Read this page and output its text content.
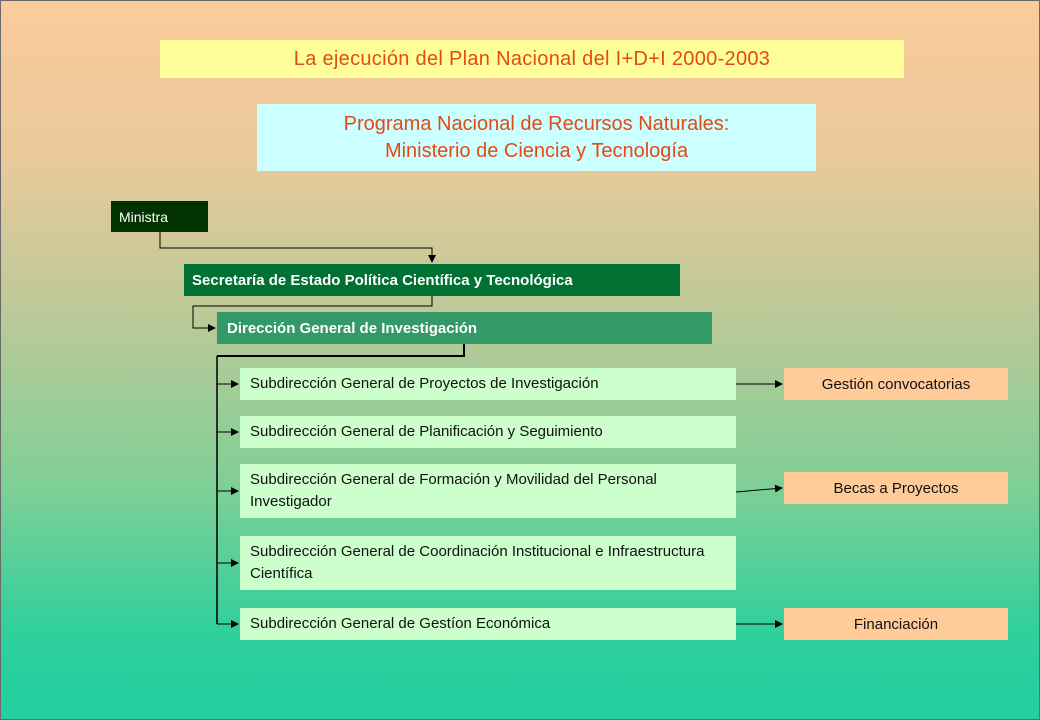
La ejecución del Plan Nacional del I+D+I 2000-2003
Programa Nacional de Recursos Naturales:
Ministerio de Ciencia y Tecnología
Ministra
Secretaría de Estado Política Científica y Tecnológica
Dirección General de Investigación
Subdirección General de Proyectos de Investigación
Subdirección General de Planificación y Seguimiento
Subdirección General de Formación y Movilidad del Personal Investigador
Subdirección General de Coordinación Institucional e Infraestructura Científica
Subdirección General de Gestíon Económica
Gestión convocatorias
Becas a Proyectos
Financiación
